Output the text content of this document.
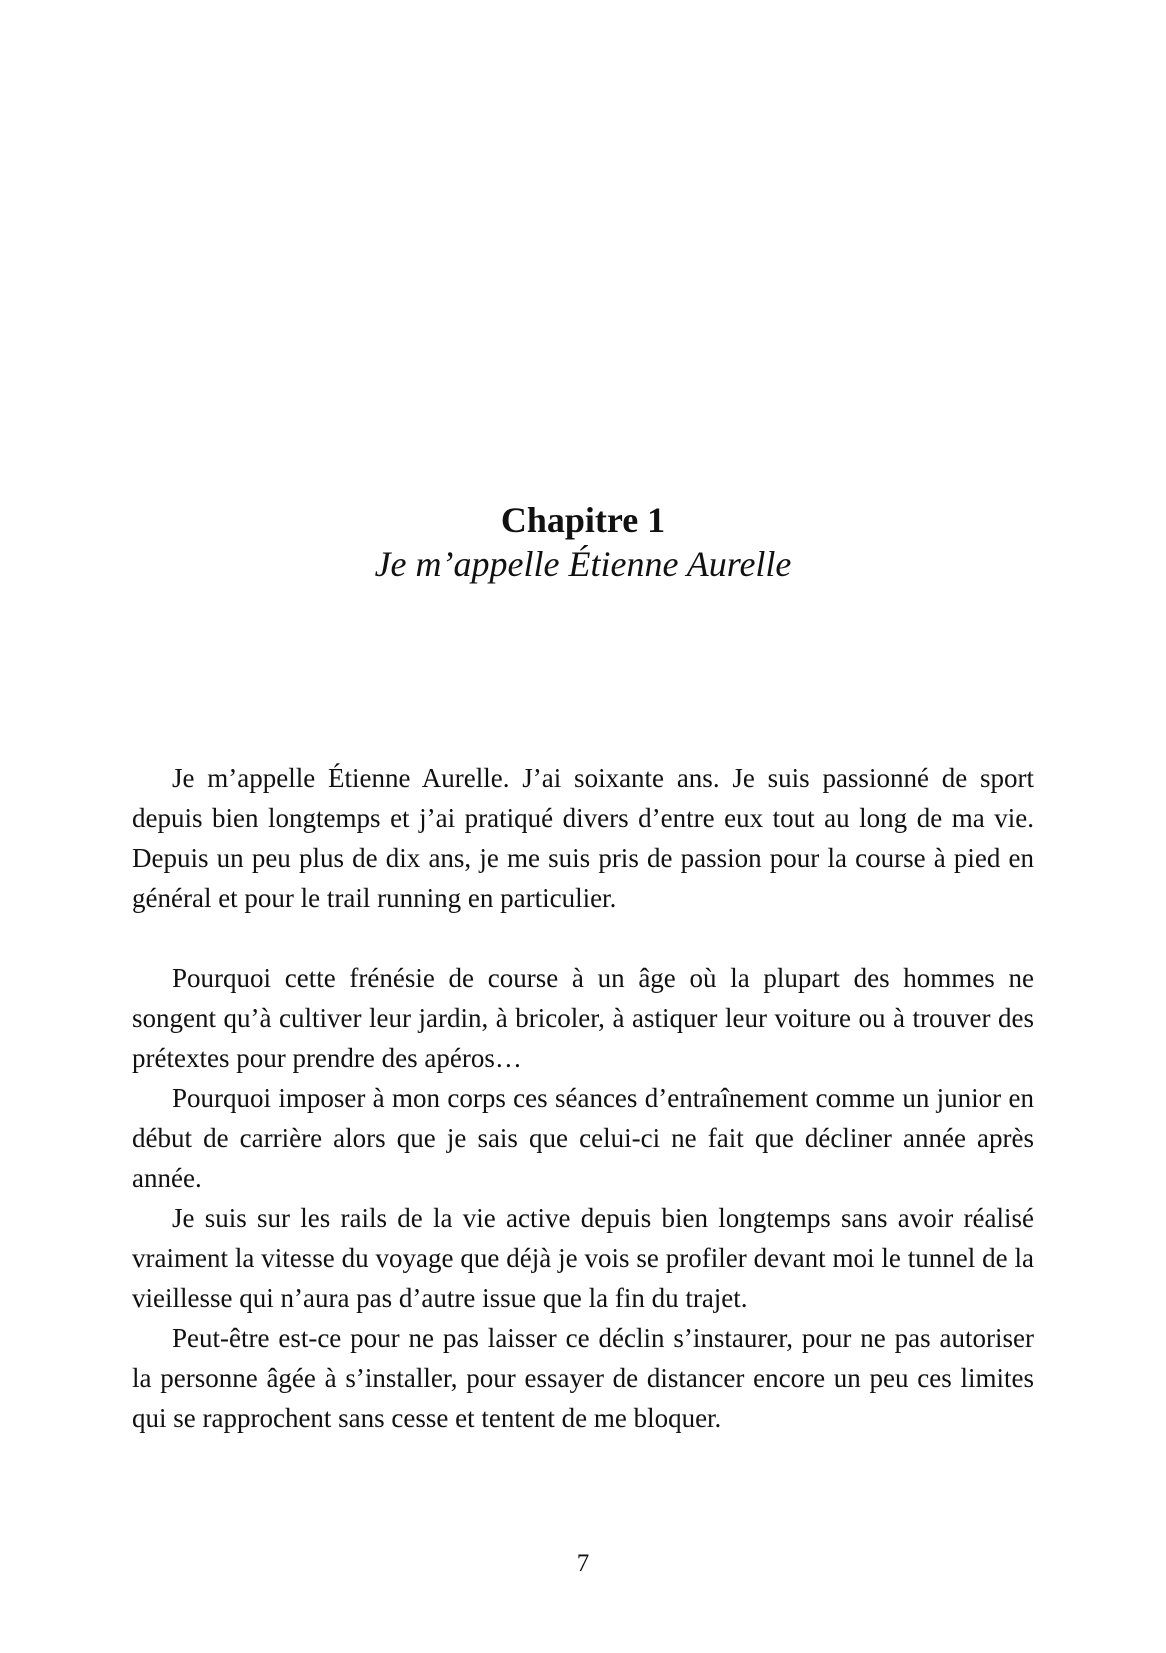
Chapitre 1
Je m’appelle Étienne Aurelle

Je m’appelle Étienne Aurelle. J’ai soixante ans. Je suis passionné de sport depuis bien longtemps et j’ai pratiqué divers d’entre eux tout au long de ma vie. Depuis un peu plus de dix ans, je me suis pris de passion pour la course à pied en général et pour le trail running en particulier.

Pourquoi cette frénésie de course à un âge où la plupart des hommes ne songent qu’à cultiver leur jardin, à bricoler, à astiquer leur voiture ou à trouver des prétextes pour prendre des apéros…

Pourquoi imposer à mon corps ces séances d’entraînement comme un junior en début de carrière alors que je sais que celui-ci ne fait que décliner année après année.

Je suis sur les rails de la vie active depuis bien longtemps sans avoir réalisé vraiment la vitesse du voyage que déjà je vois se profiler devant moi le tunnel de la vieillesse qui n’aura pas d’autre issue que la fin du trajet.

Peut-être est-ce pour ne pas laisser ce déclin s’instaurer, pour ne pas autoriser la personne âgée à s’installer, pour essayer de distancer encore un peu ces limites qui se rapprochent sans cesse et tentent de me bloquer.

7
